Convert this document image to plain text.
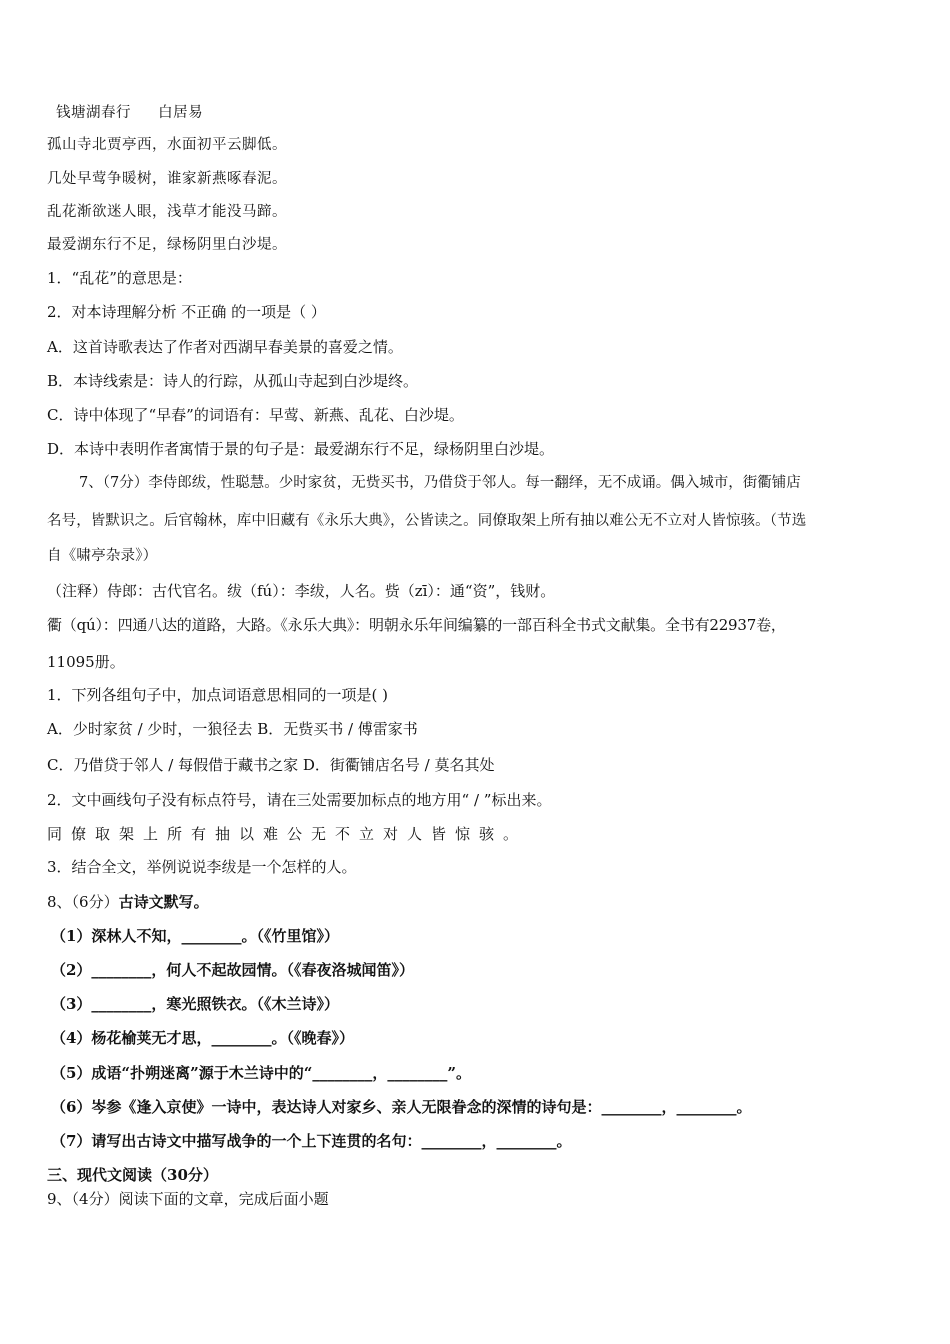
钱塘湖春行 白居易
孤山寺北贾亭西，水面初平云脚低。
几处早莺争暖树，谁家新燕啄春泥。
乱花渐欲迷人眼，浅草才能没马蹄。
最爱湖东行不足，绿杨阴里白沙堤。
1．“乱花”的意思是：
2．对本诗理解分析 不正确 的一项是（ ）
A．这首诗歌表达了作者对西湖早春美景的喜爱之情。
B．本诗线索是：诗人的行踪，从孤山寺起到白沙堤终。
C．诗中体现了“早春”的词语有：早莺、新燕、乱花、白沙堤。
D．本诗中表明作者寓情于景的句子是：最爱湖东行不足，绿杨阴里白沙堤。
7、（7分）李侍郎绂，性聪慧。少时家贫，无赀买书，乃借贷于邻人。每一翻绎，无不成诵。偶入城市，街衢铺店
名号，皆默识之。后官翰林，库中旧藏有《永乐大典》，公皆读之。同僚取架上所有抽以难公无不立对人皆惊骇。（节选
自《啸亭杂录》）
（注释）侍郎：古代官名。绂（fú）：李绂，人名。赀（zī）：通“资”，钱财。
衢（qú）：四通八达的道路，大路。《永乐大典》：明朝永乐年间编纂的一部百科全书式文献集。全书有22937卷，
11095册。
1．下列各组句子中，加点词语意思相同的一项是( )
A．少时家贫 / 少时，一狼径去 B．无赀买书 / 傅雷家书
C．乃借贷于邻人 / 每假借于藏书之家 D．街衢铺店名号 / 莫名其处
2．文中画线句子没有标点符号，请在三处需要加标点的地方用“ / ”标出来。
同僚取架上所有抽以难公无不立对人皆惊骇。
3．结合全文，举例说说李绂是一个怎样的人。
8、（6分）古诗文默写。
（1）深林人不知，________。（《竹里馆》）
（2）________，何人不起故园情。（《春夜洛城闻笛》）
（3）________，寒光照铁衣。（《木兰诗》）
（4）杨花榆荚无才思，________。（《晚春》）
（5）成语“扑朔迷离”源于木兰诗中的“________，________”。
（6）岑参《逢入京使》一诗中，表达诗人对家乡、亲人无限眷念的深情的诗句是：________，________。
（7）请写出古诗文中描写战争的一个上下连贯的名句：________，________。
三、现代文阅读（30分）
9、（4分）阅读下面的文章，完成后面小题
